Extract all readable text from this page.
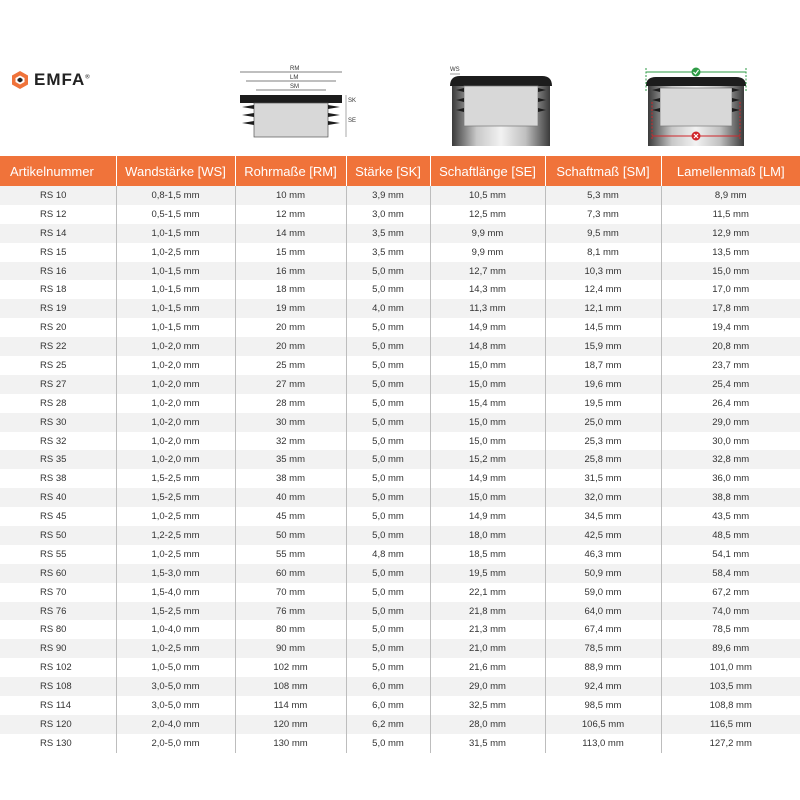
EMFA®
RM
LM
SM
SK
SE
WS
Artikelnummer	Wandstärke [WS]	Rohrmaße [RM]	Stärke [SK]	Schaftlänge [SE]	Schaftmaß [SM]	Lamellenmaß [LM]
RS 10	0,8-1,5 mm	10 mm	3,9 mm	10,5 mm	5,3 mm	8,9 mm
RS 12	0,5-1,5 mm	12 mm	3,0 mm	12,5 mm	7,3 mm	11,5 mm
RS 14	1,0-1,5 mm	14 mm	3,5 mm	9,9 mm	9,5 mm	12,9 mm
RS 15	1,0-2,5 mm	15 mm	3,5 mm	9,9 mm	8,1 mm	13,5 mm
RS 16	1,0-1,5 mm	16 mm	5,0 mm	12,7 mm	10,3 mm	15,0 mm
RS 18	1,0-1,5 mm	18 mm	5,0 mm	14,3 mm	12,4 mm	17,0 mm
RS 19	1,0-1,5 mm	19 mm	4,0 mm	11,3 mm	12,1 mm	17,8 mm
RS 20	1,0-1,5 mm	20 mm	5,0 mm	14,9 mm	14,5 mm	19,4 mm
RS 22	1,0-2,0 mm	20 mm	5,0 mm	14,8 mm	15,9 mm	20,8 mm
RS 25	1,0-2,0 mm	25 mm	5,0 mm	15,0 mm	18,7 mm	23,7 mm
RS 27	1,0-2,0 mm	27 mm	5,0 mm	15,0 mm	19,6 mm	25,4 mm
RS 28	1,0-2,0 mm	28 mm	5,0 mm	15,4 mm	19,5 mm	26,4 mm
RS 30	1,0-2,0 mm	30 mm	5,0 mm	15,0 mm	25,0 mm	29,0 mm
RS 32	1,0-2,0 mm	32 mm	5,0 mm	15,0 mm	25,3 mm	30,0 mm
RS 35	1,0-2,0 mm	35 mm	5,0 mm	15,2 mm	25,8 mm	32,8 mm
RS 38	1,5-2,5 mm	38 mm	5,0 mm	14,9 mm	31,5 mm	36,0 mm
RS 40	1,5-2,5 mm	40 mm	5,0 mm	15,0 mm	32,0 mm	38,8 mm
RS 45	1,0-2,5 mm	45 mm	5,0 mm	14,9 mm	34,5 mm	43,5 mm
RS 50	1,2-2,5 mm	50 mm	5,0 mm	18,0 mm	42,5 mm	48,5 mm
RS 55	1,0-2,5 mm	55 mm	4,8 mm	18,5 mm	46,3 mm	54,1 mm
RS 60	1,5-3,0 mm	60 mm	5,0 mm	19,5 mm	50,9 mm	58,4 mm
RS 70	1,5-4,0 mm	70 mm	5,0 mm	22,1 mm	59,0 mm	67,2 mm
RS 76	1,5-2,5 mm	76 mm	5,0 mm	21,8 mm	64,0 mm	74,0 mm
RS 80	1,0-4,0 mm	80 mm	5,0 mm	21,3 mm	67,4 mm	78,5 mm
RS 90	1,0-2,5 mm	90 mm	5,0 mm	21,0 mm	78,5 mm	89,6 mm
RS 102	1,0-5,0 mm	102 mm	5,0 mm	21,6 mm	88,9 mm	101,0 mm
RS 108	3,0-5,0 mm	108 mm	6,0 mm	29,0 mm	92,4 mm	103,5 mm
RS 114	3,0-5,0 mm	114 mm	6,0 mm	32,5 mm	98,5 mm	108,8 mm
RS 120	2,0-4,0 mm	120 mm	6,2 mm	28,0 mm	106,5 mm	116,5 mm
RS 130	2,0-5,0 mm	130 mm	5,0 mm	31,5 mm	113,0 mm	127,2 mm
